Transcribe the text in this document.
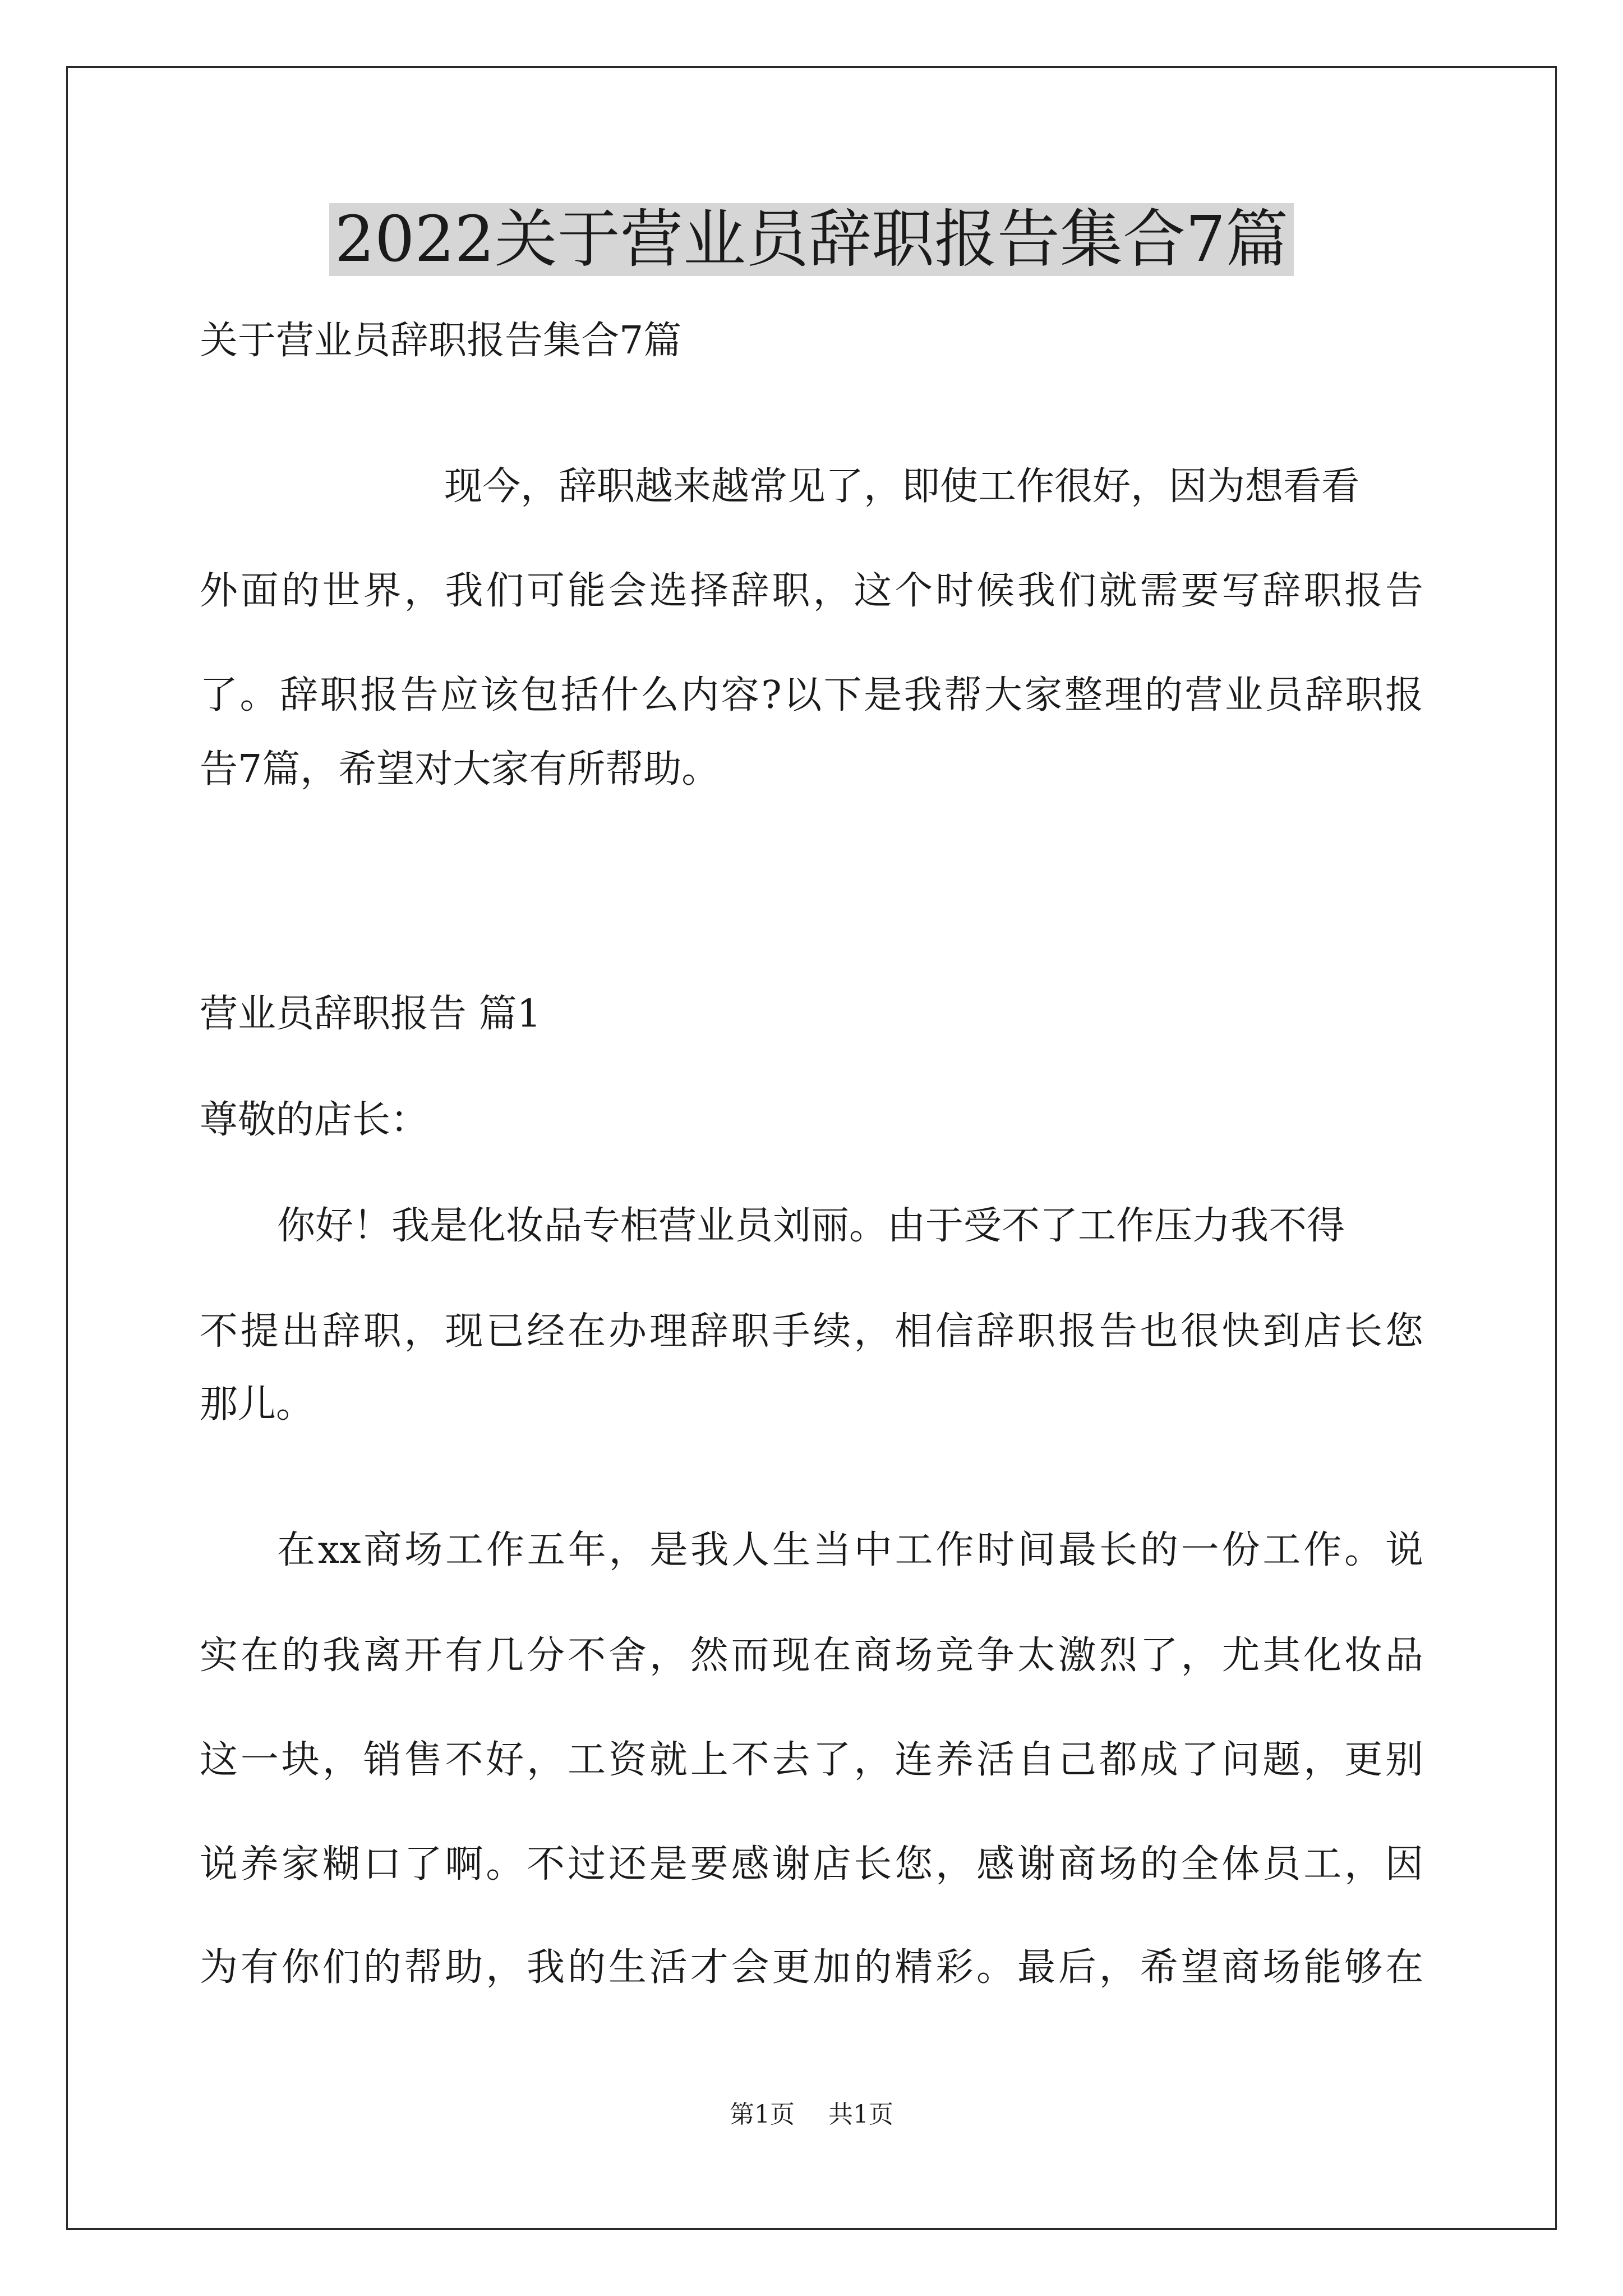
2022关于营业员辞职报告集合7篇

关于营业员辞职报告集合7篇

现今，辞职越来越常见了，即使工作很好，因为想看看

外面的世界，我们可能会选择辞职，这个时候我们就需要写辞职报告

了。辞职报告应该包括什么内容?以下是我帮大家整理的营业员辞职报

告7篇，希望对大家有所帮助。

营业员辞职报告 篇1

尊敬的店长：

你好！我是化妆品专柜营业员刘丽。由于受不了工作压力我不得

不提出辞职，现已经在办理辞职手续，相信辞职报告也很快到店长您

那儿。

在xx商场工作五年，是我人生当中工作时间最长的一份工作。说

实在的我离开有几分不舍，然而现在商场竞争太激烈了，尤其化妆品

这一块，销售不好，工资就上不去了，连养活自己都成了问题，更别

说养家糊口了啊。不过还是要感谢店长您，感谢商场的全体员工，因

为有你们的帮助，我的生活才会更加的精彩。最后，希望商场能够在

第1页 共1页
